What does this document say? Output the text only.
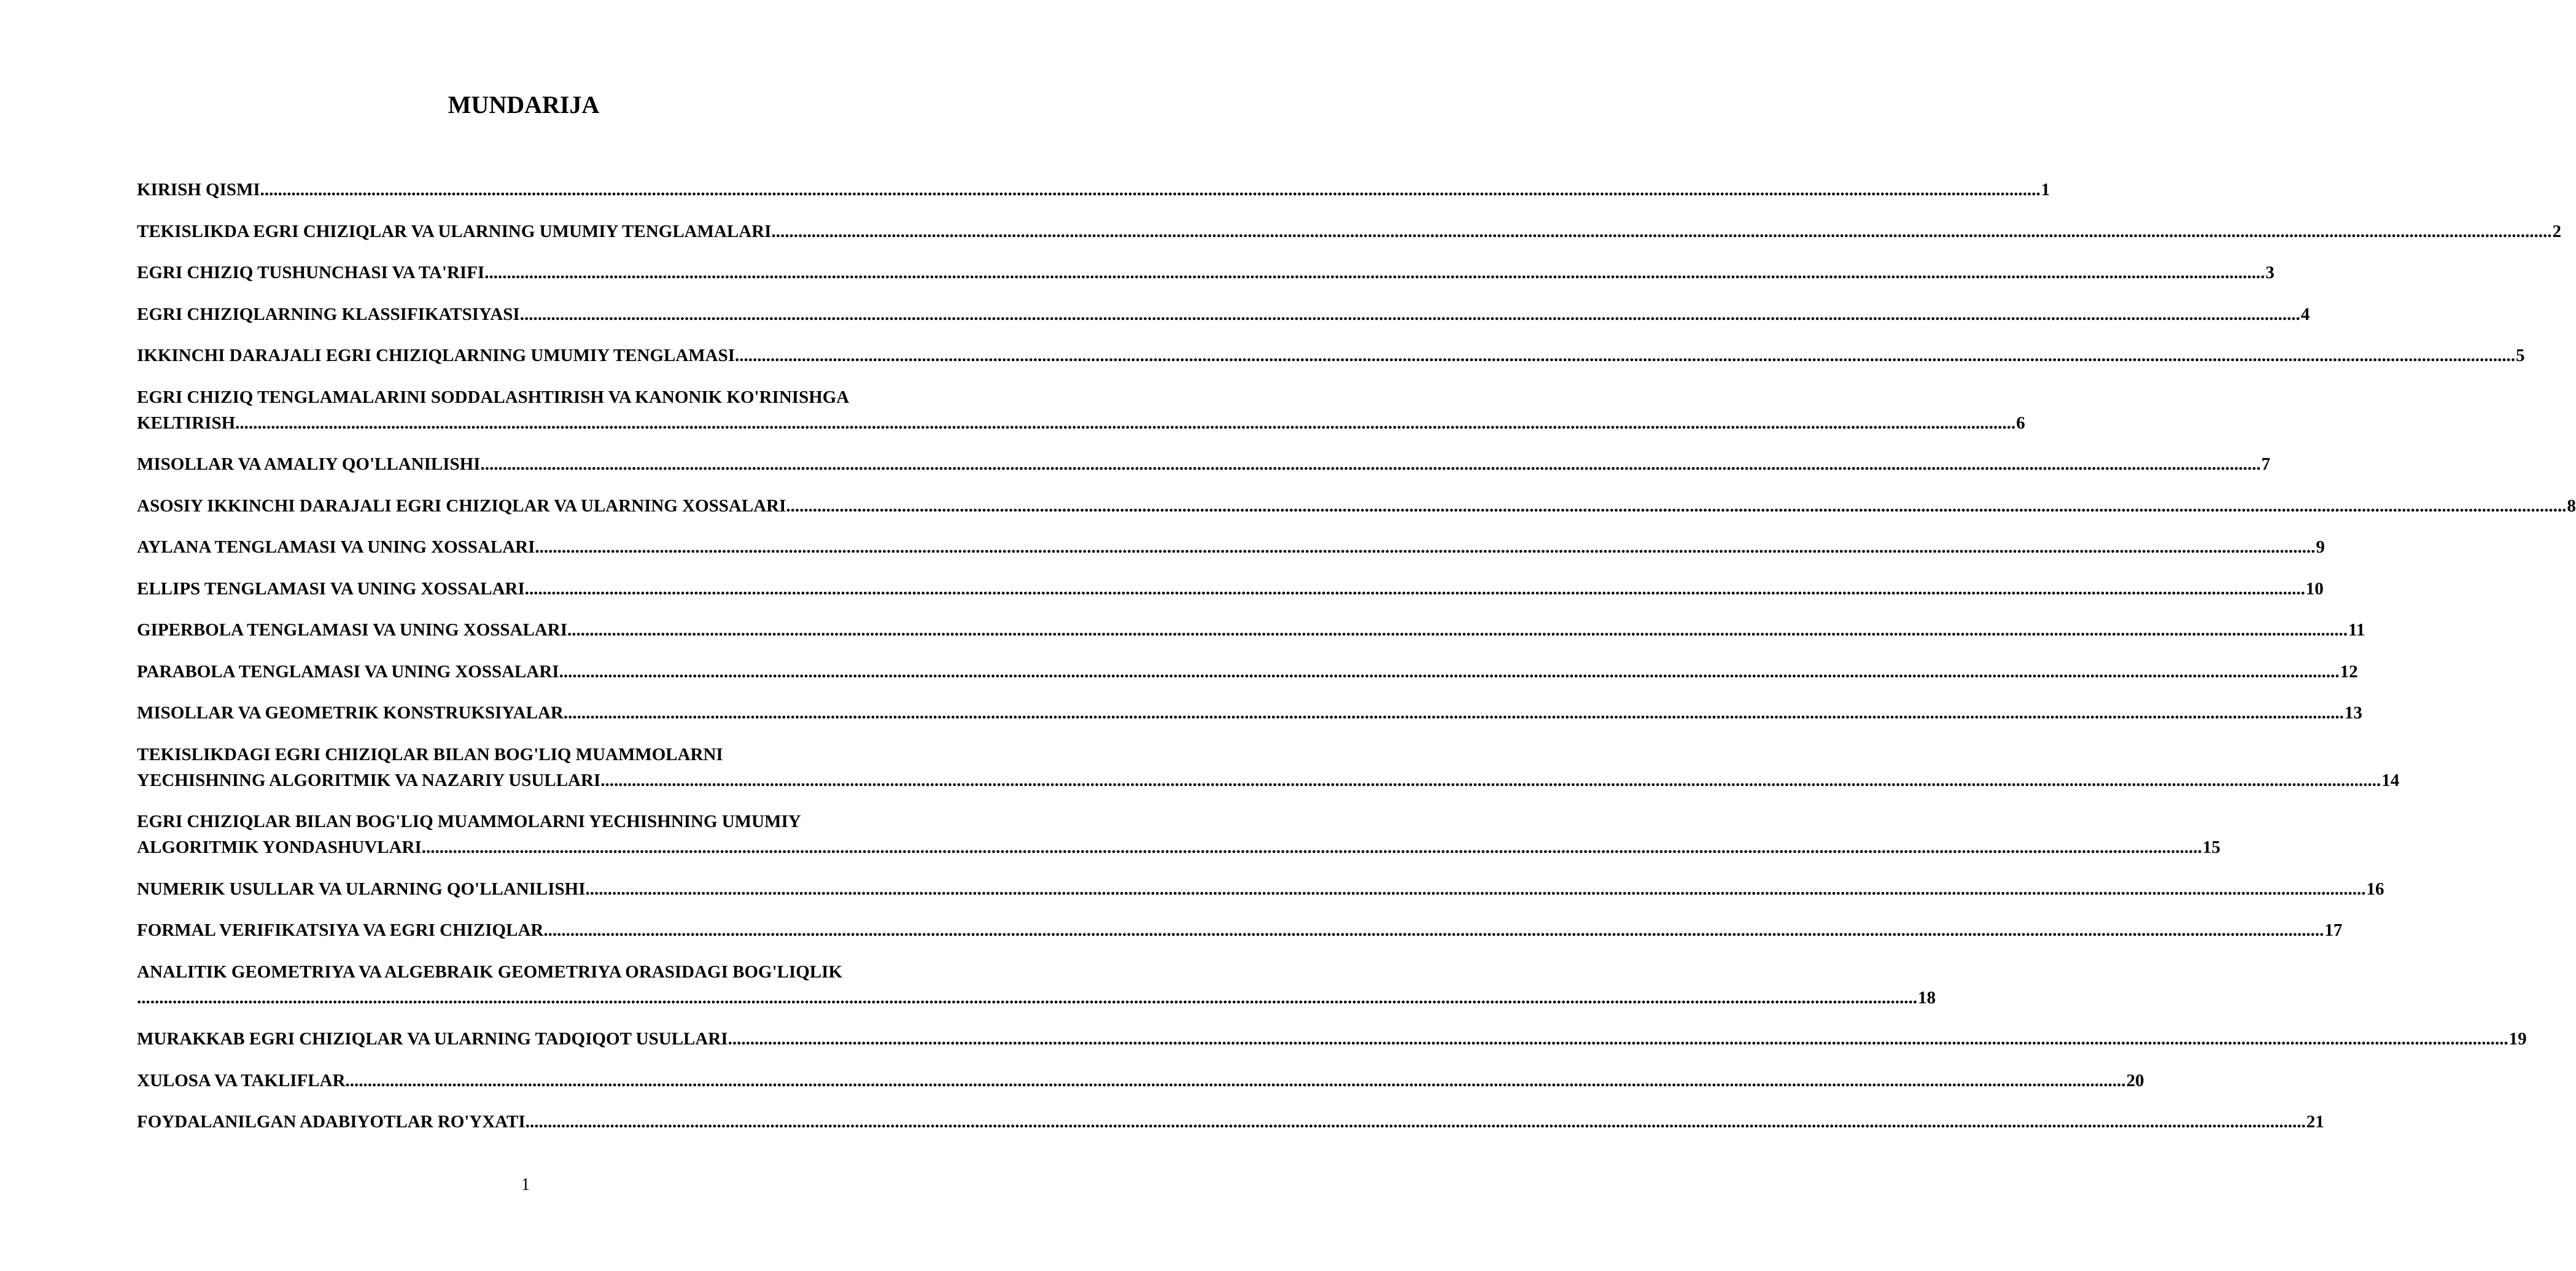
MUNDARIJA
KIRISH QISMI ................................................................................................................................................................................................................................................................................................................................................................................................................ 1
TEKISLIKDA EGRI CHIZIQLAR VA ULARNING UMUMIY TENGLAMALARI ................................................................................................................................................................................................................................................................................................................................................................................................................ 2
EGRI CHIZIQ TUSHUNCHASI VA TA'RIFI ................................................................................................................................................................................................................................................................................................................................................................................................................ 3
EGRI CHIZIQLARNING KLASSIFIKATSIYASI ................................................................................................................................................................................................................................................................................................................................................................................................................ 4
IKKINCHI DARAJALI EGRI CHIZIQLARNING UMUMIY TENGLAMASI ................................................................................................................................................................................................................................................................................................................................................................................................................ 5
EGRI CHIZIQ TENGLAMALARINI SODDALASHTIRISH VA KANONIK KO'RINISHGA
KELTIRISH ................................................................................................................................................................................................................................................................................................................................................................................................................ 6
MISOLLAR VA AMALIY QO'LLANILISHI ................................................................................................................................................................................................................................................................................................................................................................................................................ 7
ASOSIY IKKINCHI DARAJALI EGRI CHIZIQLAR VA ULARNING XOSSALARI ................................................................................................................................................................................................................................................................................................................................................................................................................ 8
AYLANA TENGLAMASI VA UNING XOSSALARI ................................................................................................................................................................................................................................................................................................................................................................................................................ 9
ELLIPS TENGLAMASI VA UNING XOSSALARI ................................................................................................................................................................................................................................................................................................................................................................................................................ 10
GIPERBOLA TENGLAMASI VA UNING XOSSALARI ................................................................................................................................................................................................................................................................................................................................................................................................................ 11
PARABOLA TENGLAMASI VA UNING XOSSALARI ................................................................................................................................................................................................................................................................................................................................................................................................................ 12
MISOLLAR VA GEOMETRIK KONSTRUKSIYALAR ................................................................................................................................................................................................................................................................................................................................................................................................................ 13
TEKISLIKDAGI EGRI CHIZIQLAR BILAN BOG'LIQ MUAMMOLARNI
YECHISHNING ALGORITMIK VA NAZARIY USULLARI ................................................................................................................................................................................................................................................................................................................................................................................................................ 14
EGRI CHIZIQLAR BILAN BOG'LIQ MUAMMOLARNI YECHISHNING UMUMIY
ALGORITMIK YONDASHUVLARI ................................................................................................................................................................................................................................................................................................................................................................................................................ 15
NUMERIK USULLAR VA ULARNING QO'LLANILISHI ................................................................................................................................................................................................................................................................................................................................................................................................................ 16
FORMAL VERIFIKATSIYA VA EGRI CHIZIQLAR ................................................................................................................................................................................................................................................................................................................................................................................................................ 17
ANALITIK GEOMETRIYA VA ALGEBRAIK GEOMETRIYA ORASIDAGI BOG'LIQLIK
................................................................................................................................................................................................................................................................................................................................................................................................................ 18
MURAKKAB EGRI CHIZIQLAR VA ULARNING TADQIQOT USULLARI ................................................................................................................................................................................................................................................................................................................................................................................................................ 19
XULOSA VA TAKLIFLAR ................................................................................................................................................................................................................................................................................................................................................................................................................ 20
FOYDALANILGAN ADABIYOTLAR RO'YXATI ................................................................................................................................................................................................................................................................................................................................................................................................................ 21
1
